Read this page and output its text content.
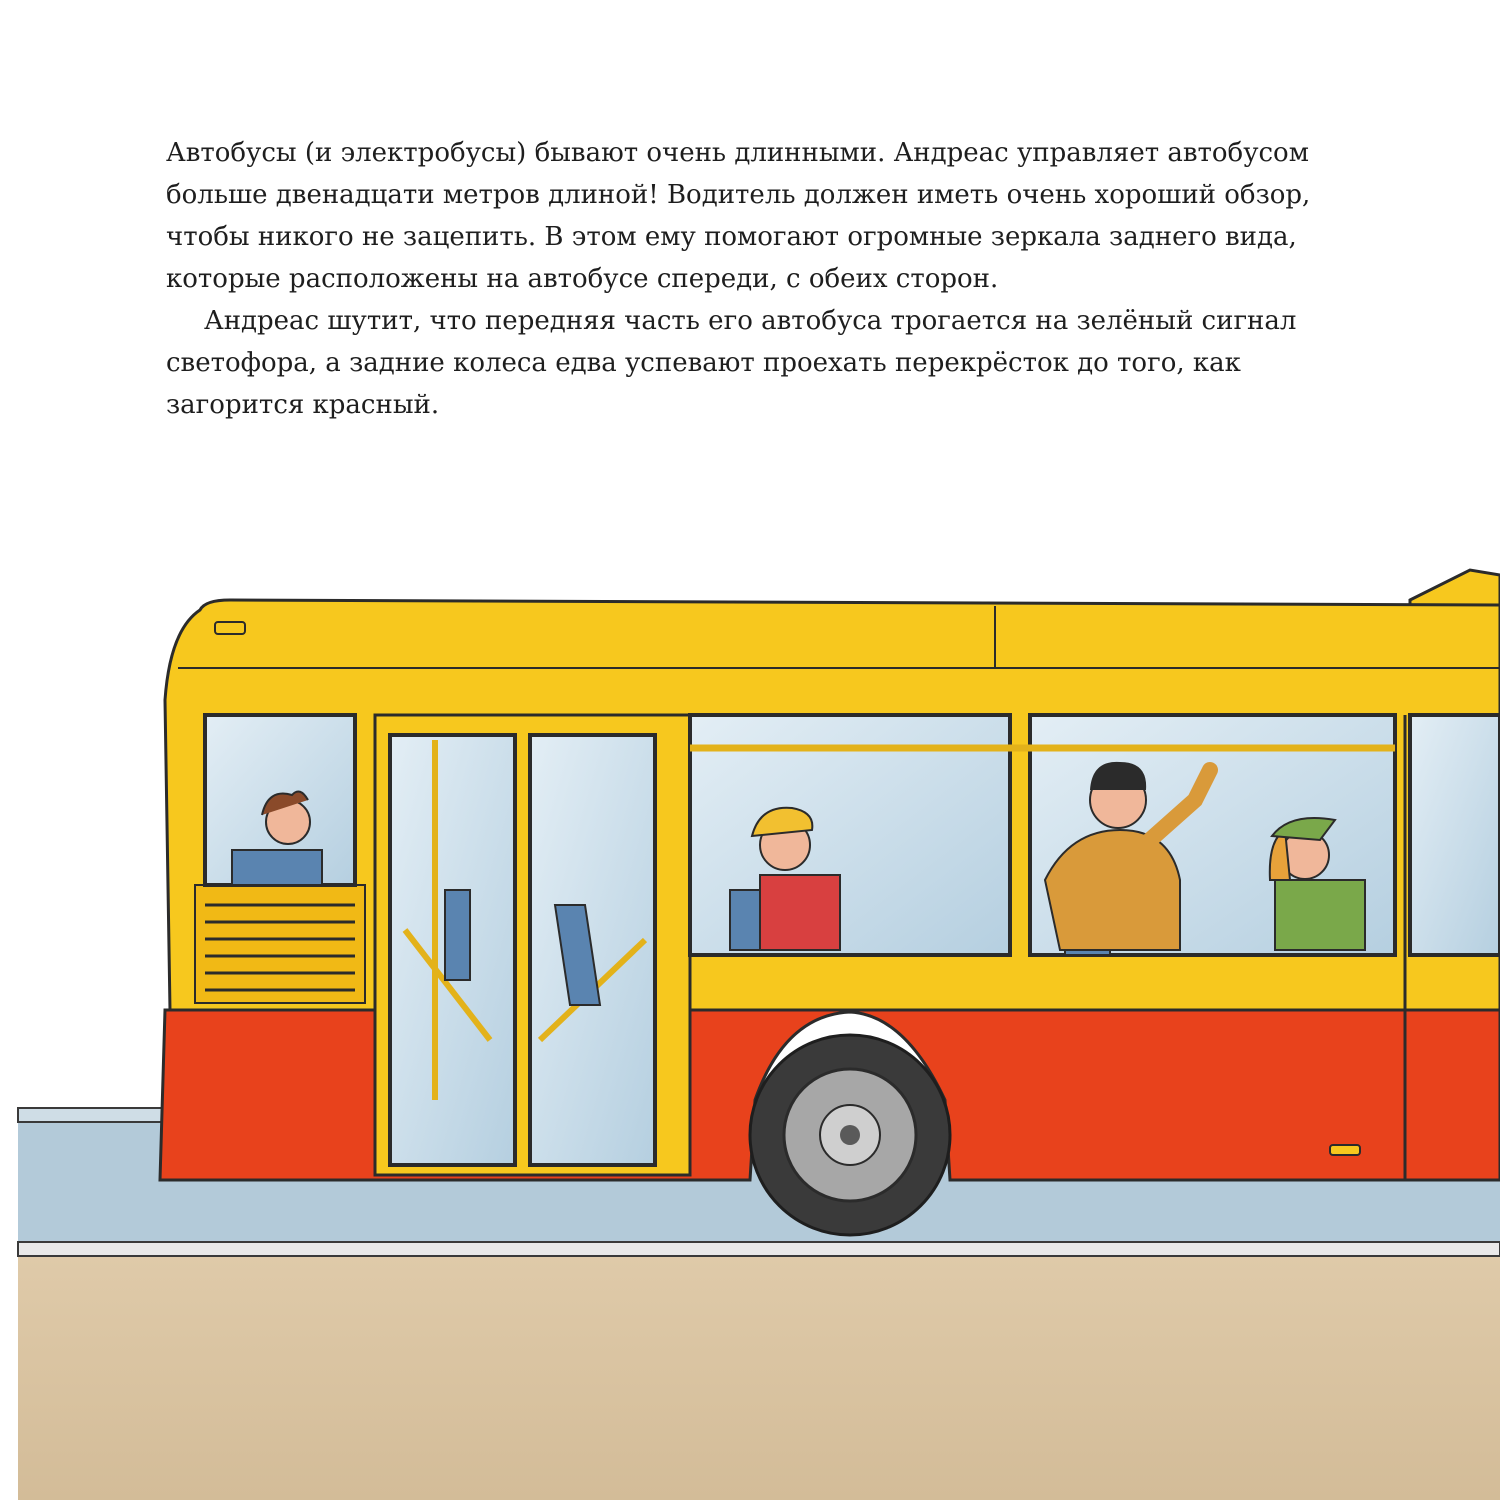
Автобусы (и электробусы) бывают очень длинными. Андреас управляет автобусом больше двенадцати метров длиной! Водитель должен иметь очень хороший обзор, чтобы никого не зацепить. В этом ему помогают огромные зеркала заднего вида, которые расположены на автобусе спереди, с обеих сторон.

Андреас шутит, что передняя часть его автобуса трогается на зелёный сигнал светофора, а задние колеса едва успевают проехать перекрёсток до того, как загорится красный.
